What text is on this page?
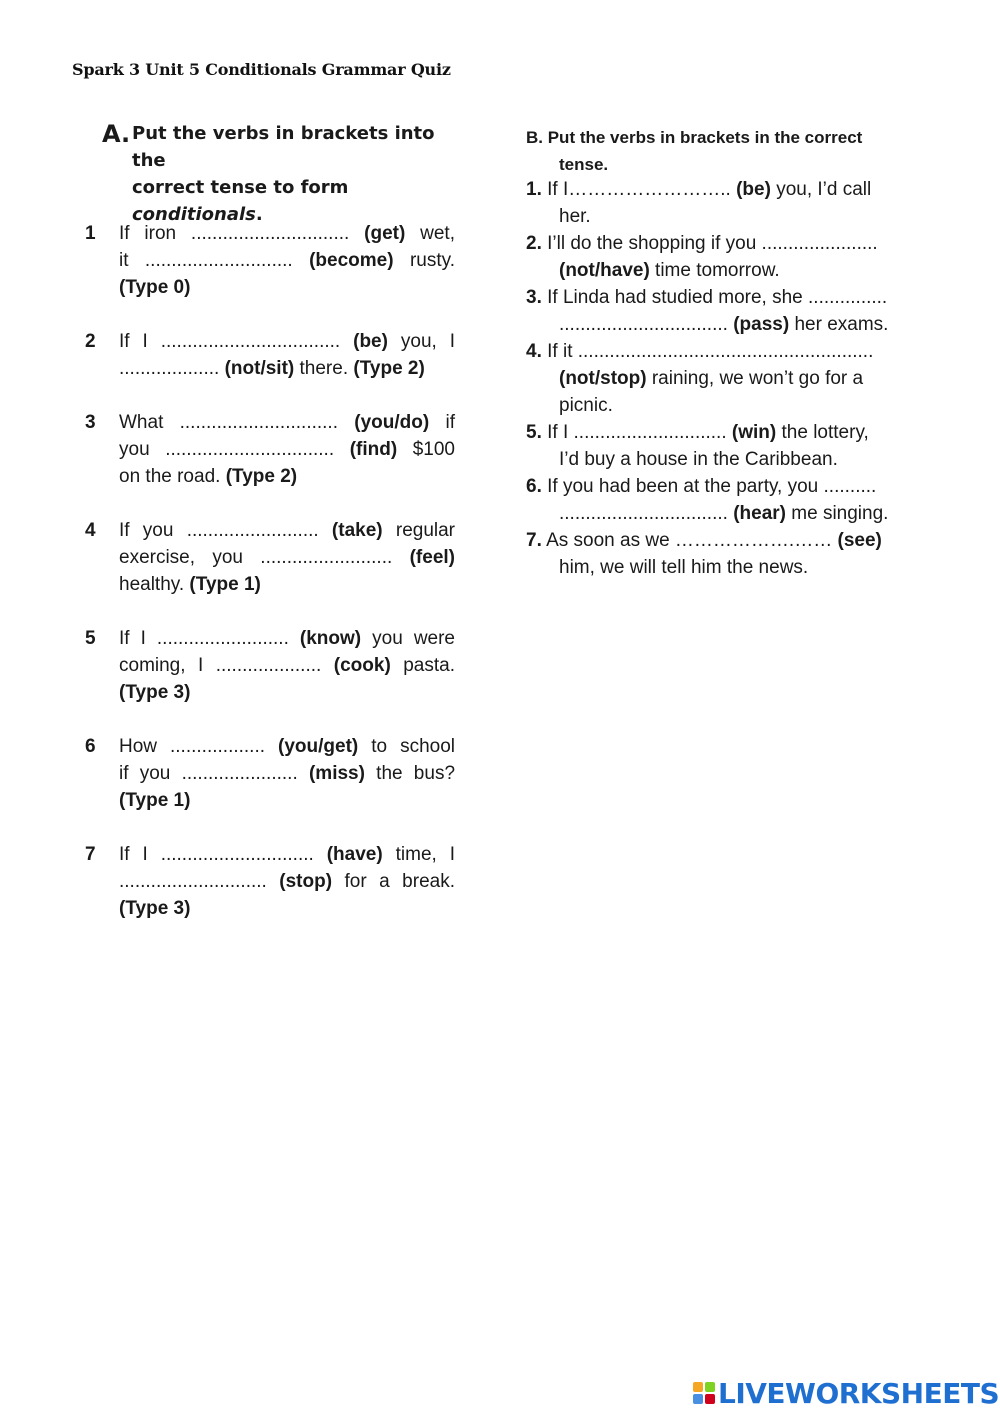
Spark 3 Unit 5 Conditionals Grammar Quiz
A. Put the verbs in brackets into the
correct tense to form
conditionals.
1 If iron .............................. (get) wet,
it ............................ (become) rusty.
(Type 0)
2 If I .................................. (be) you, I
................... (not/sit) there. (Type 2)
3 What .............................. (you/do) if
you ................................ (find) $100
on the road. (Type 2)
4 If you ......................... (take) regular
exercise, you ......................... (feel)
healthy. (Type 1)
5 If I ......................... (know) you were
coming, I .................... (cook) pasta.
(Type 3)
6 How .................. (you/get) to school
if you ...................... (miss) the bus?
(Type 1)
7 If I ............................. (have) time, I
............................ (stop) for a break.
(Type 3)
B. Put the verbs in brackets in the correct
tense.
1. If I…………………….. (be) you, I’d call
her.
2. I’ll do the shopping if you ......................
(not/have) time tomorrow.
3. If Linda had studied more, she ...............
................................ (pass) her exams.
4. If it ........................................................
(not/stop) raining, we won’t go for a
picnic.
5. If I ............................. (win) the lottery,
I’d buy a house in the Caribbean.
6. If you had been at the party, you ..........
................................ (hear) me singing.
7. As soon as we ……………….…… (see)
him, we will tell him the news.
LIVEWORKSHEETS
